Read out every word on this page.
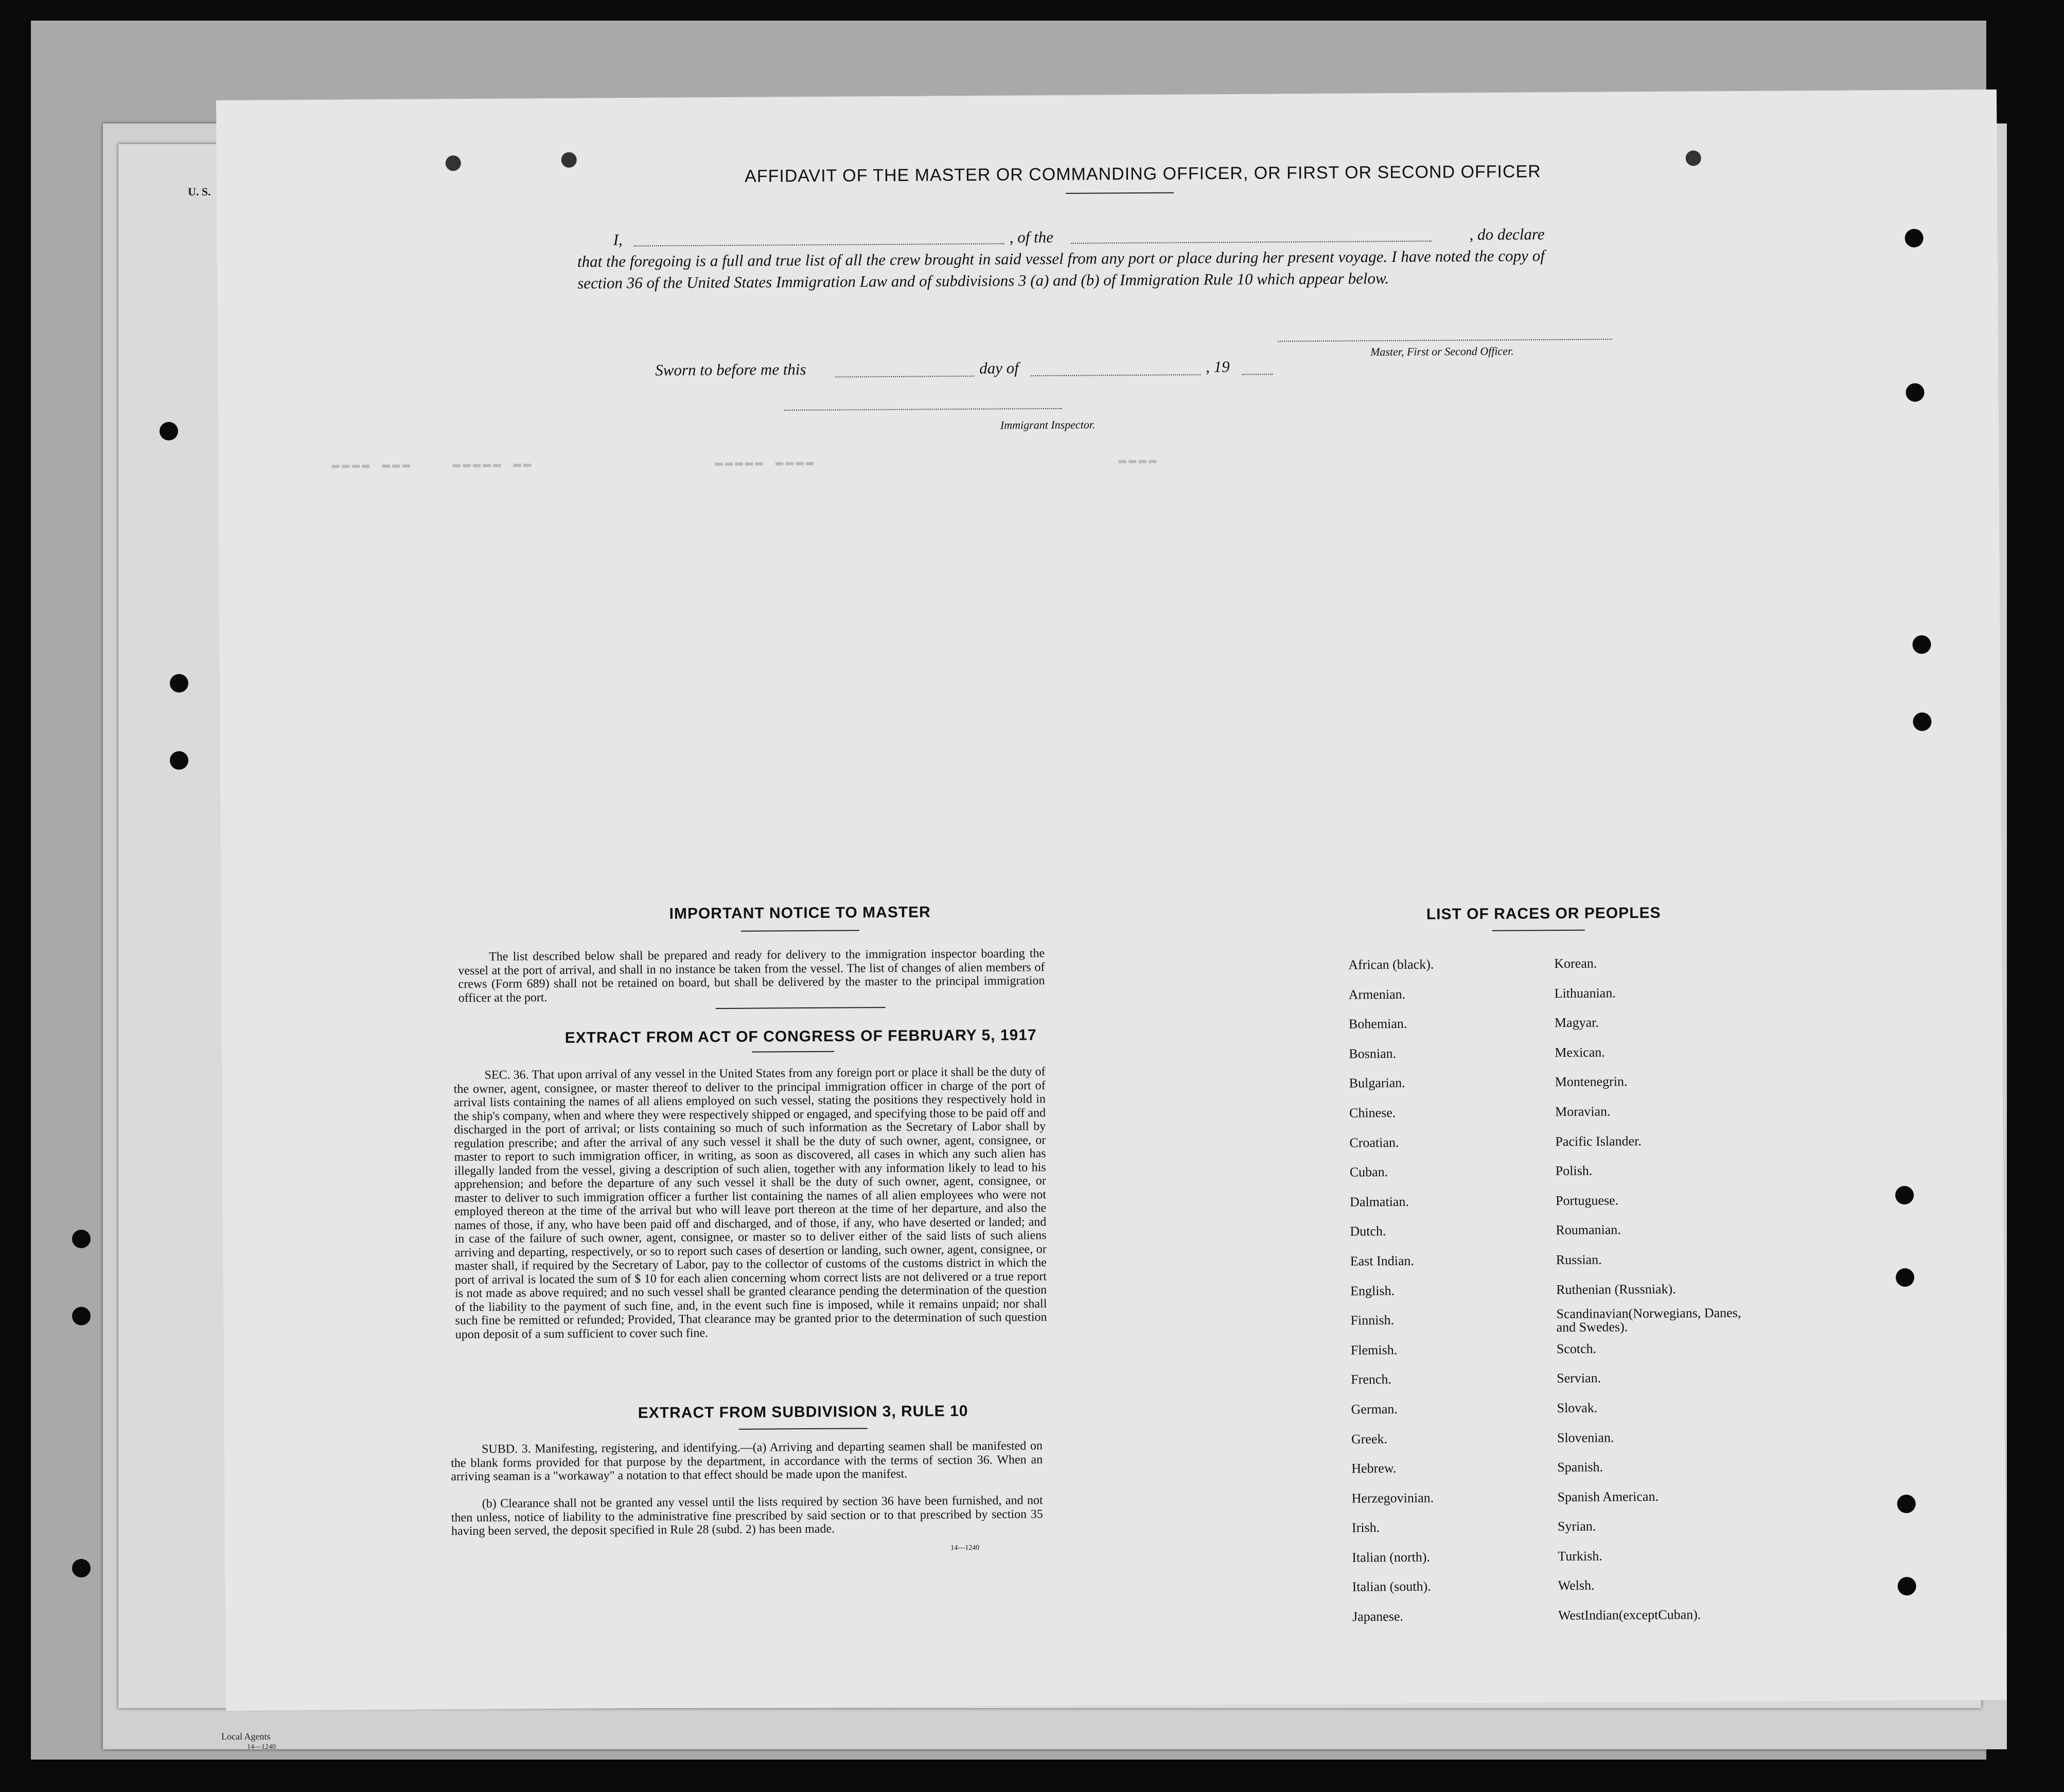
U. S.
Local Agents
14—1240
▬▬▬▬ ▬▬▬    ▬▬▬▬▬ ▬▬                  ▬▬▬▬▬ ▬▬▬▬                              ▬▬▬▬
AFFIDAVIT OF THE MASTER OR COMMANDING OFFICER, OR FIRST OR SECOND OFFICER
I,	, of the	, do declare
that the foregoing is a full and true list of all the crew brought in said vessel from any port or place during her present voyage. I have noted the copy of section 36 of the United States Immigration Law and of subdivisions 3 (a) and (b) of Immigration Rule 10 which appear below.
Master, First or Second Officer.
Sworn to before me this	day of	, 19
Immigrant Inspector.
IMPORTANT NOTICE TO MASTER
The list described below shall be prepared and ready for delivery to the immigration inspector boarding the vessel at the port of arrival, and shall in no instance be taken from the vessel. The list of changes of alien members of crews (Form 689) shall not be retained on board, but shall be delivered by the master to the principal immigration officer at the port.
EXTRACT FROM ACT OF CONGRESS OF FEBRUARY 5, 1917
SEC. 36. That upon arrival of any vessel in the United States from any foreign port or place it shall be the duty of the owner, agent, consignee, or master thereof to deliver to the principal immigration officer in charge of the port of arrival lists containing the names of all aliens employed on such vessel, stating the positions they respectively hold in the ship's company, when and where they were respectively shipped or engaged, and specifying those to be paid off and discharged in the port of arrival; or lists containing so much of such information as the Secretary of Labor shall by regulation prescribe; and after the arrival of any such vessel it shall be the duty of such owner, agent, consignee, or master to report to such immigration officer, in writing, as soon as discovered, all cases in which any such alien has illegally landed from the vessel, giving a description of such alien, together with any information likely to lead to his apprehension; and before the departure of any such vessel it shall be the duty of such owner, agent, consignee, or master to deliver to such immigration officer a further list containing the names of all alien employees who were not employed thereon at the time of the arrival but who will leave port thereon at the time of her departure, and also the names of those, if any, who have been paid off and discharged, and of those, if any, who have deserted or landed; and in case of the failure of such owner, agent, consignee, or master so to deliver either of the said lists of such aliens arriving and departing, respectively, or so to report such cases of desertion or landing, such owner, agent, consignee, or master shall, if required by the Secretary of Labor, pay to the collector of customs of the customs district in which the port of arrival is located the sum of $ 10 for each alien concerning whom correct lists are not delivered or a true report is not made as above required; and no such vessel shall be granted clearance pending the determination of the question of the liability to the payment of such fine, and, in the event such fine is imposed, while it remains unpaid; nor shall such fine be remitted or refunded; Provided, That clearance may be granted prior to the determination of such question upon deposit of a sum sufficient to cover such fine.
EXTRACT FROM SUBDIVISION 3, RULE 10
SUBD. 3. Manifesting, registering, and identifying.—(a) Arriving and departing seamen shall be manifested on the blank forms provided for that purpose by the department, in accordance with the terms of section 36. When an arriving seaman is a "workaway" a notation to that effect should be made upon the manifest.
(b) Clearance shall not be granted any vessel until the lists required by section 36 have been furnished, and not then unless, notice of liability to the administrative fine prescribed by said section or to that prescribed by section 35 having been served, the deposit specified in Rule 28 (subd. 2) has been made.
14—1240
LIST OF RACES OR PEOPLES
African (black).
Armenian.
Bohemian.
Bosnian.
Bulgarian.
Chinese.
Croatian.
Cuban.
Dalmatian.
Dutch.
East Indian.
English.
Finnish.
Flemish.
French.
German.
Greek.
Hebrew.
Herzegovinian.
Irish.
Italian (north).
Italian (south).
Japanese.
Korean.
Lithuanian.
Magyar.
Mexican.
Montenegrin.
Moravian.
Pacific Islander.
Polish.
Portuguese.
Roumanian.
Russian.
Ruthenian (Russniak).
Scandinavian(Norwegians, Danes, and Swedes).
Scotch.
Servian.
Slovak.
Slovenian.
Spanish.
Spanish American.
Syrian.
Turkish.
Welsh.
WestIndian(exceptCuban).
